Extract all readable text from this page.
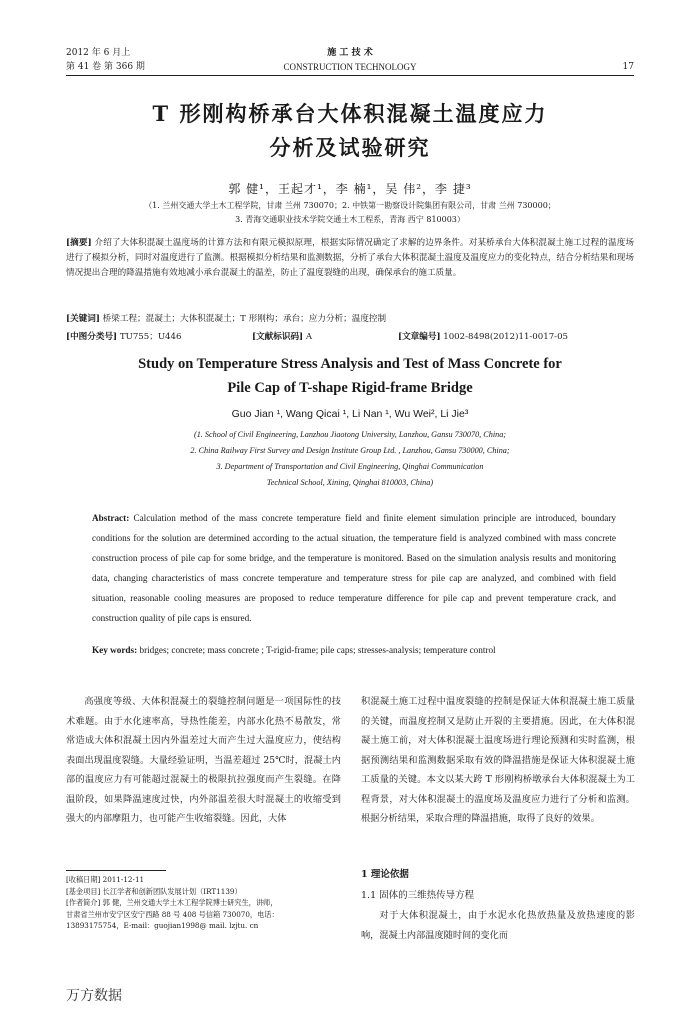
2012 年 6 月上
第 41 卷 第 366 期
施 工 技 术
CONSTRUCTION TECHNOLOGY	17
T 形刚构桥承台大体积混凝土温度应力
分析及试验研究
郭 健¹，王起才¹，李 楠¹，吴 伟²，李 捷³
（1. 兰州交通大学土木工程学院，甘肃 兰州 730070；2. 中铁第一勘察设计院集团有限公司，甘肃 兰州 730000；
3. 青海交通职业技术学院交通土木工程系，青海 西宁 810003）
[摘要] 介绍了大体积混凝土温度场的计算方法和有限元模拟原理，根据实际情况确定了求解的边界条件。对某桥承台大体积混凝土施工过程的温度场进行了模拟分析，同时对温度进行了监测。根据模拟分析结果和监测数据，分析了承台大体积混凝土温度及温度应力的变化特点，结合分析结果和现场情况提出合理的降温措施有效地减小承台混凝土的温差，防止了温度裂缝的出现，确保承台的施工质量。
[关键词] 桥梁工程；混凝土；大体积混凝土；T 形刚构；承台；应力分析；温度控制
[中图分类号] TU755；U446	[文献标识码] A	[文章编号] 1002-8498(2012)11-0017-05
Study on Temperature Stress Analysis and Test of Mass Concrete for
Pile Cap of T-shape Rigid-frame Bridge
Guo Jian ¹, Wang Qicai ¹, Li Nan ¹, Wu Wei², Li Jie³
(1. School of Civil Engineering, Lanzhou Jiaotong University, Lanzhou, Gansu 730070, China;
2. China Railway First Survey and Design Institute Group Ltd. , Lanzhou, Gansu 730000, China;
3. Department of Transportation and Civil Engineering, Qinghai Communication
Technical School, Xining, Qinghai 810003, China)
Abstract: Calculation method of the mass concrete temperature field and finite element simulation principle are introduced, boundary conditions for the solution are determined according to the actual situation, the temperature field is analyzed combined with mass concrete construction process of pile cap for some bridge, and the temperature is monitored. Based on the simulation analysis results and monitoring data, changing characteristics of mass concrete temperature and temperature stress for pile cap are analyzed, and combined with field situation, reasonable cooling measures are proposed to reduce temperature difference for pile cap and prevent temperature crack, and construction quality of pile caps is ensured.
Key words: bridges; concrete; mass concrete ; T-rigid-frame; pile caps; stresses-analysis; temperature control

高强度等级、大体积混凝土的裂缝控制问题是一项国际性的技术难题。由于水化速率高，导热性能差，内部水化热不易散发，常常造成大体积混凝土因内外温差过大而产生过大温度应力，使结构表面出现温度裂缝。大量经验证明，当温差超过 25℃时，混凝土内部的温度应力有可能超过混凝土的极限抗拉强度而产生裂缝。在降温阶段，如果降温速度过快，内外部温差很大时混凝土的收缩受到强大的内部摩阻力，也可能产生收缩裂缝。因此，大体

[收稿日期] 2011-12-11
[基金项目] 长江学者和创新团队发展计划（IRT1139）
[作者简介] 郭 健，兰州交通大学土木工程学院博士研究生，讲师，
甘肃省兰州市安宁区安宁西路 88 号 408 号信箱 730070，电话：
13893175754，E-mail：guojian1998@ mail. lzjtu. cn

积混凝土施工过程中温度裂缝的控制是保证大体积混凝土施工质量的关键，而温度控制又是防止开裂的主要措施。因此，在大体积混凝土施工前，对大体积混凝土温度场进行理论预测和实时监测，根据预测结果和监测数据采取有效的降温措施是保证大体积混凝土施工质量的关键。本文以某大跨 T 形刚构桥墩承台大体积混凝土为工程背景，对大体积混凝土的温度场及温度应力进行了分析和监测。根据分析结果，采取合理的降温措施，取得了良好的效果。

1 理论依据
1.1 固体的三维热传导方程

对于大体积混凝土，由于水泥水化热放热量及放热速度的影响，混凝土内部温度随时间的变化而

万方数据
